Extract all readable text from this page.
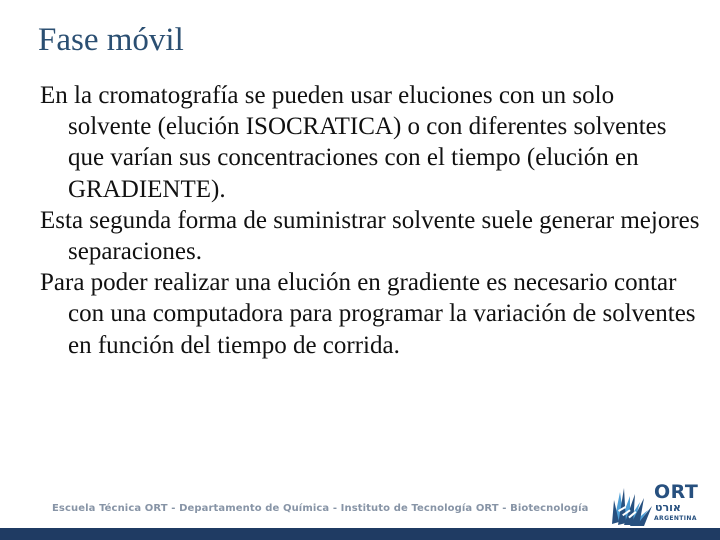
Fase móvil

En la cromatografía se pueden usar eluciones con un solo solvente (elución ISOCRATICA) o con diferentes solventes que varían sus concentraciones con el tiempo (elución en GRADIENTE).

Esta segunda forma de suministrar solvente suele generar mejores separaciones.

Para poder realizar una elución en gradiente es necesario contar con una computadora para programar la variación de solventes en función del tiempo de corrida.

Escuela Técnica ORT - Departamento de Química - Instituto de Tecnología ORT - Biotecnología
ORT
אורט
ARGENTINA
